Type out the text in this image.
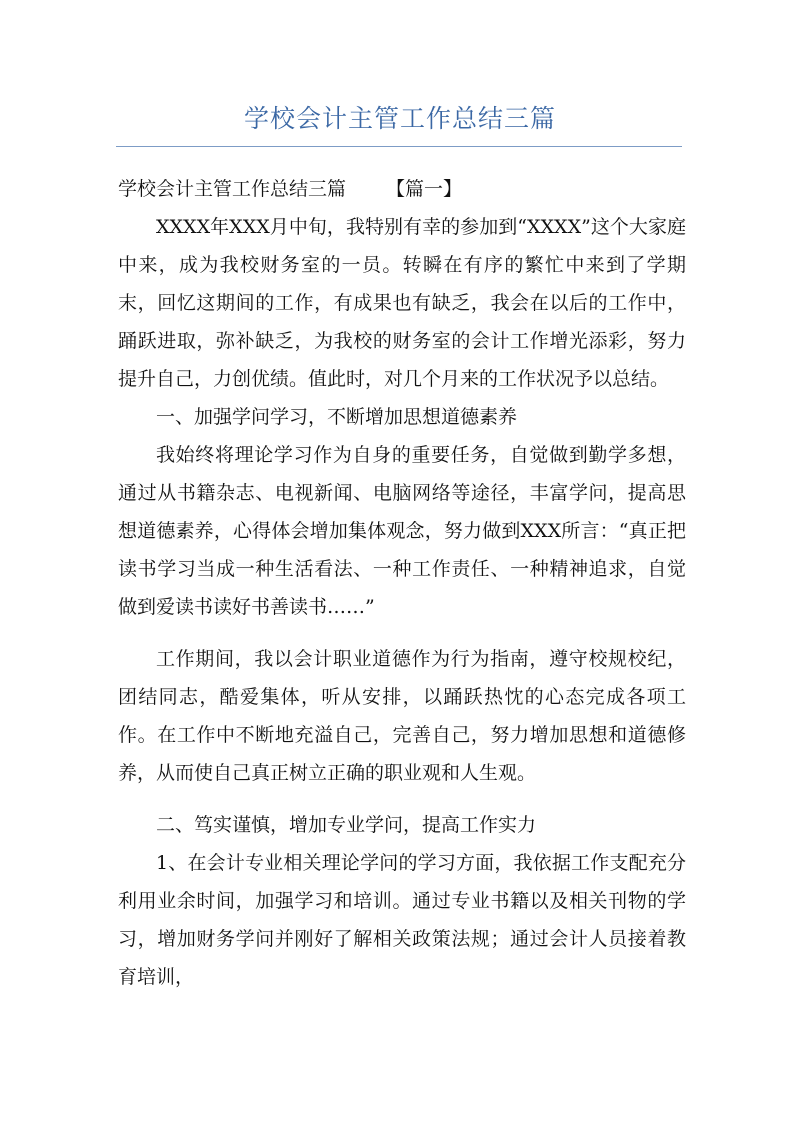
学校会计主管工作总结三篇
学校会计主管工作总结三篇 【篇一】

XXXX年XXX月中旬，我特别有幸的参加到“XXXX”这个大家庭中来，成为我校财务室的一员。转瞬在有序的繁忙中来到了学期末，回忆这期间的工作，有成果也有缺乏，我会在以后的工作中，踊跃进取，弥补缺乏，为我校的财务室的会计工作增光添彩，努力提升自己，力创优绩。值此时，对几个月来的工作状况予以总结。

一、加强学问学习，不断增加思想道德素养

我始终将理论学习作为自身的重要任务，自觉做到勤学多想，通过从书籍杂志、电视新闻、电脑网络等途径，丰富学问，提高思想道德素养，心得体会增加集体观念，努力做到XXX所言：“真正把读书学习当成一种生活看法、一种工作责任、一种精神追求，自觉做到爱读书读好书善读书……”

工作期间，我以会计职业道德作为行为指南，遵守校规校纪，团结同志，酷爱集体，听从安排，以踊跃热忱的心态完成各项工作。在工作中不断地充溢自己，完善自己，努力增加思想和道德修养，从而使自己真正树立正确的职业观和人生观。

二、笃实谨慎，增加专业学问，提高工作实力

1、在会计专业相关理论学问的学习方面，我依据工作支配充分利用业余时间，加强学习和培训。通过专业书籍以及相关刊物的学习，增加财务学问并刚好了解相关政策法规；通过会计人员接着教育培训，
